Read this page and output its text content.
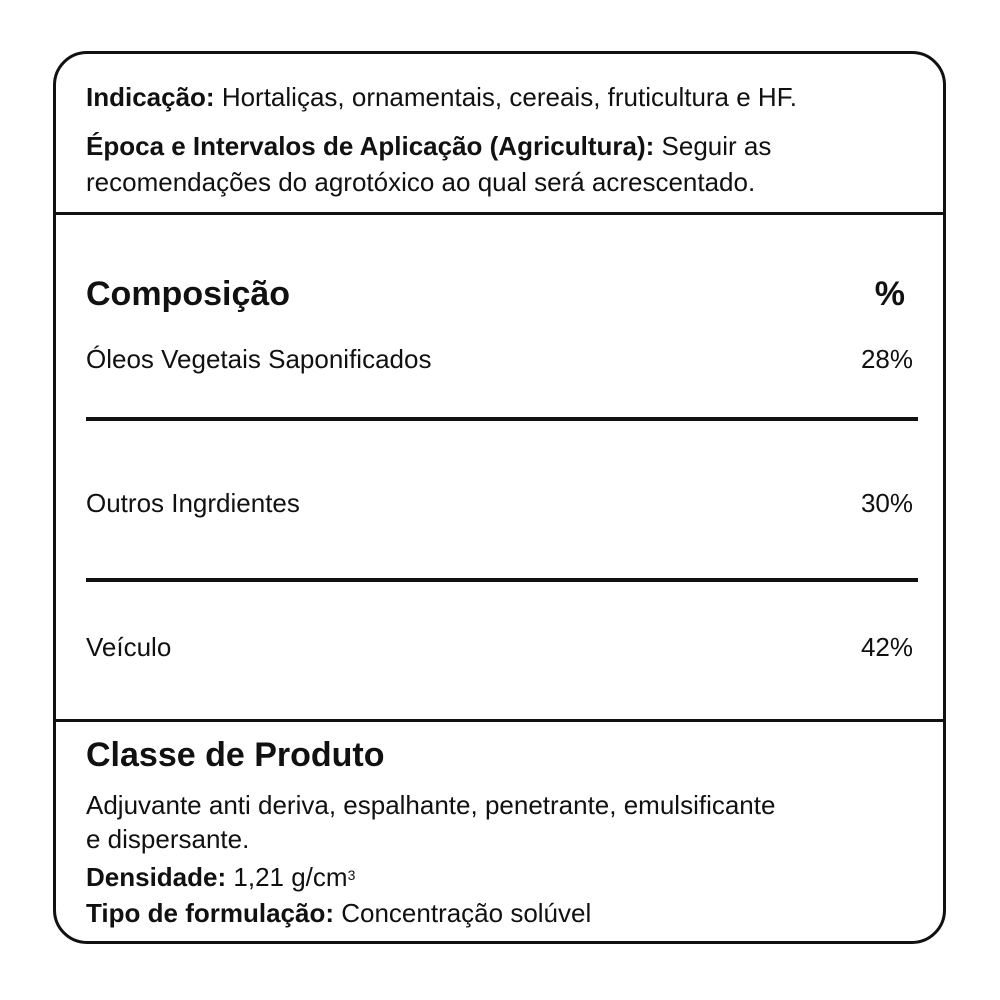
Indicação: Hortaliças, ornamentais, cereais, fruticultura e HF.
Época e Intervalos de Aplicação (Agricultura): Seguir as
recomendações do agrotóxico ao qual será acrescentado.
Composição	%
Óleos Vegetais Saponificados	28%
Outros Ingrdientes	30%
Veículo	42%
Classe de Produto
Adjuvante anti deriva, espalhante, penetrante, emulsificante
e dispersante.
Densidade: 1,21 $g/cm^3$
Tipo de formulação: Concentração solúvel
